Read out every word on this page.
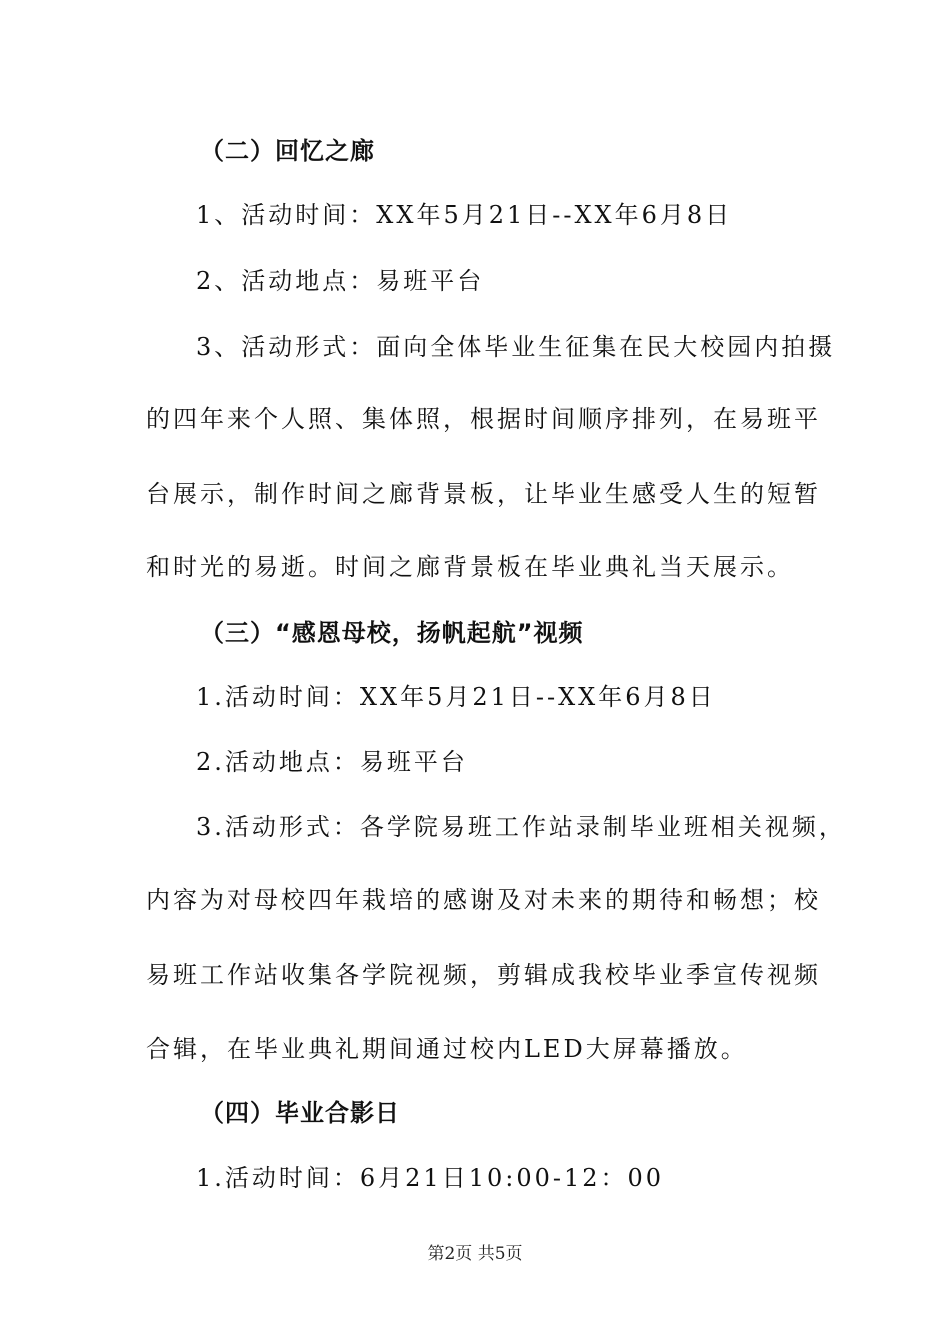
（二）回忆之廊
1、活动时间：XX年5月21日--XX年6月8日
2、活动地点：易班平台
3、活动形式：面向全体毕业生征集在民大校园内拍摄
的四年来个人照、集体照，根据时间顺序排列，在易班平
台展示，制作时间之廊背景板，让毕业生感受人生的短暂
和时光的易逝。时间之廊背景板在毕业典礼当天展示。
（三）“感恩母校，扬帆起航”视频
1.活动时间：XX年5月21日--XX年6月8日
2.活动地点：易班平台
3.活动形式：各学院易班工作站录制毕业班相关视频，
内容为对母校四年栽培的感谢及对未来的期待和畅想；校
易班工作站收集各学院视频，剪辑成我校毕业季宣传视频
合辑，在毕业典礼期间通过校内LED大屏幕播放。
（四）毕业合影日
1.活动时间：6月21日10:00-12：00
第2页 共5页
